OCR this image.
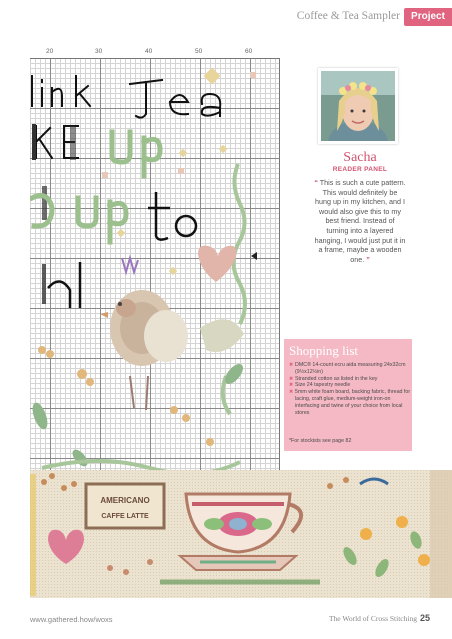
Coffee & Tea Sampler	Project
20	30	40	50	60
Sacha
READER PANEL
“ This is such a cute pattern. This would definitely be hung up in my kitchen, and I would also give this to my best friend. Instead of turning into a layered hanging, I would just put it in a frame, maybe a wooden one. ”
Shopping list
✖ DMC® 14-count ecru aida measuring 24x32cm (9½x12½in)
✖ Stranded cotton as listed in the key
✖ Size 24 tapestry needle
✖ 5mm white foam board, backing fabric, thread for lacing, craft glue, medium-weight iron-on interfacing and twine of your choice from local stores
*For stockists see page 82
AMERICANO
CAFFE LATTE
www.gathered.how/woxs	The World of Cross Stitching 25
